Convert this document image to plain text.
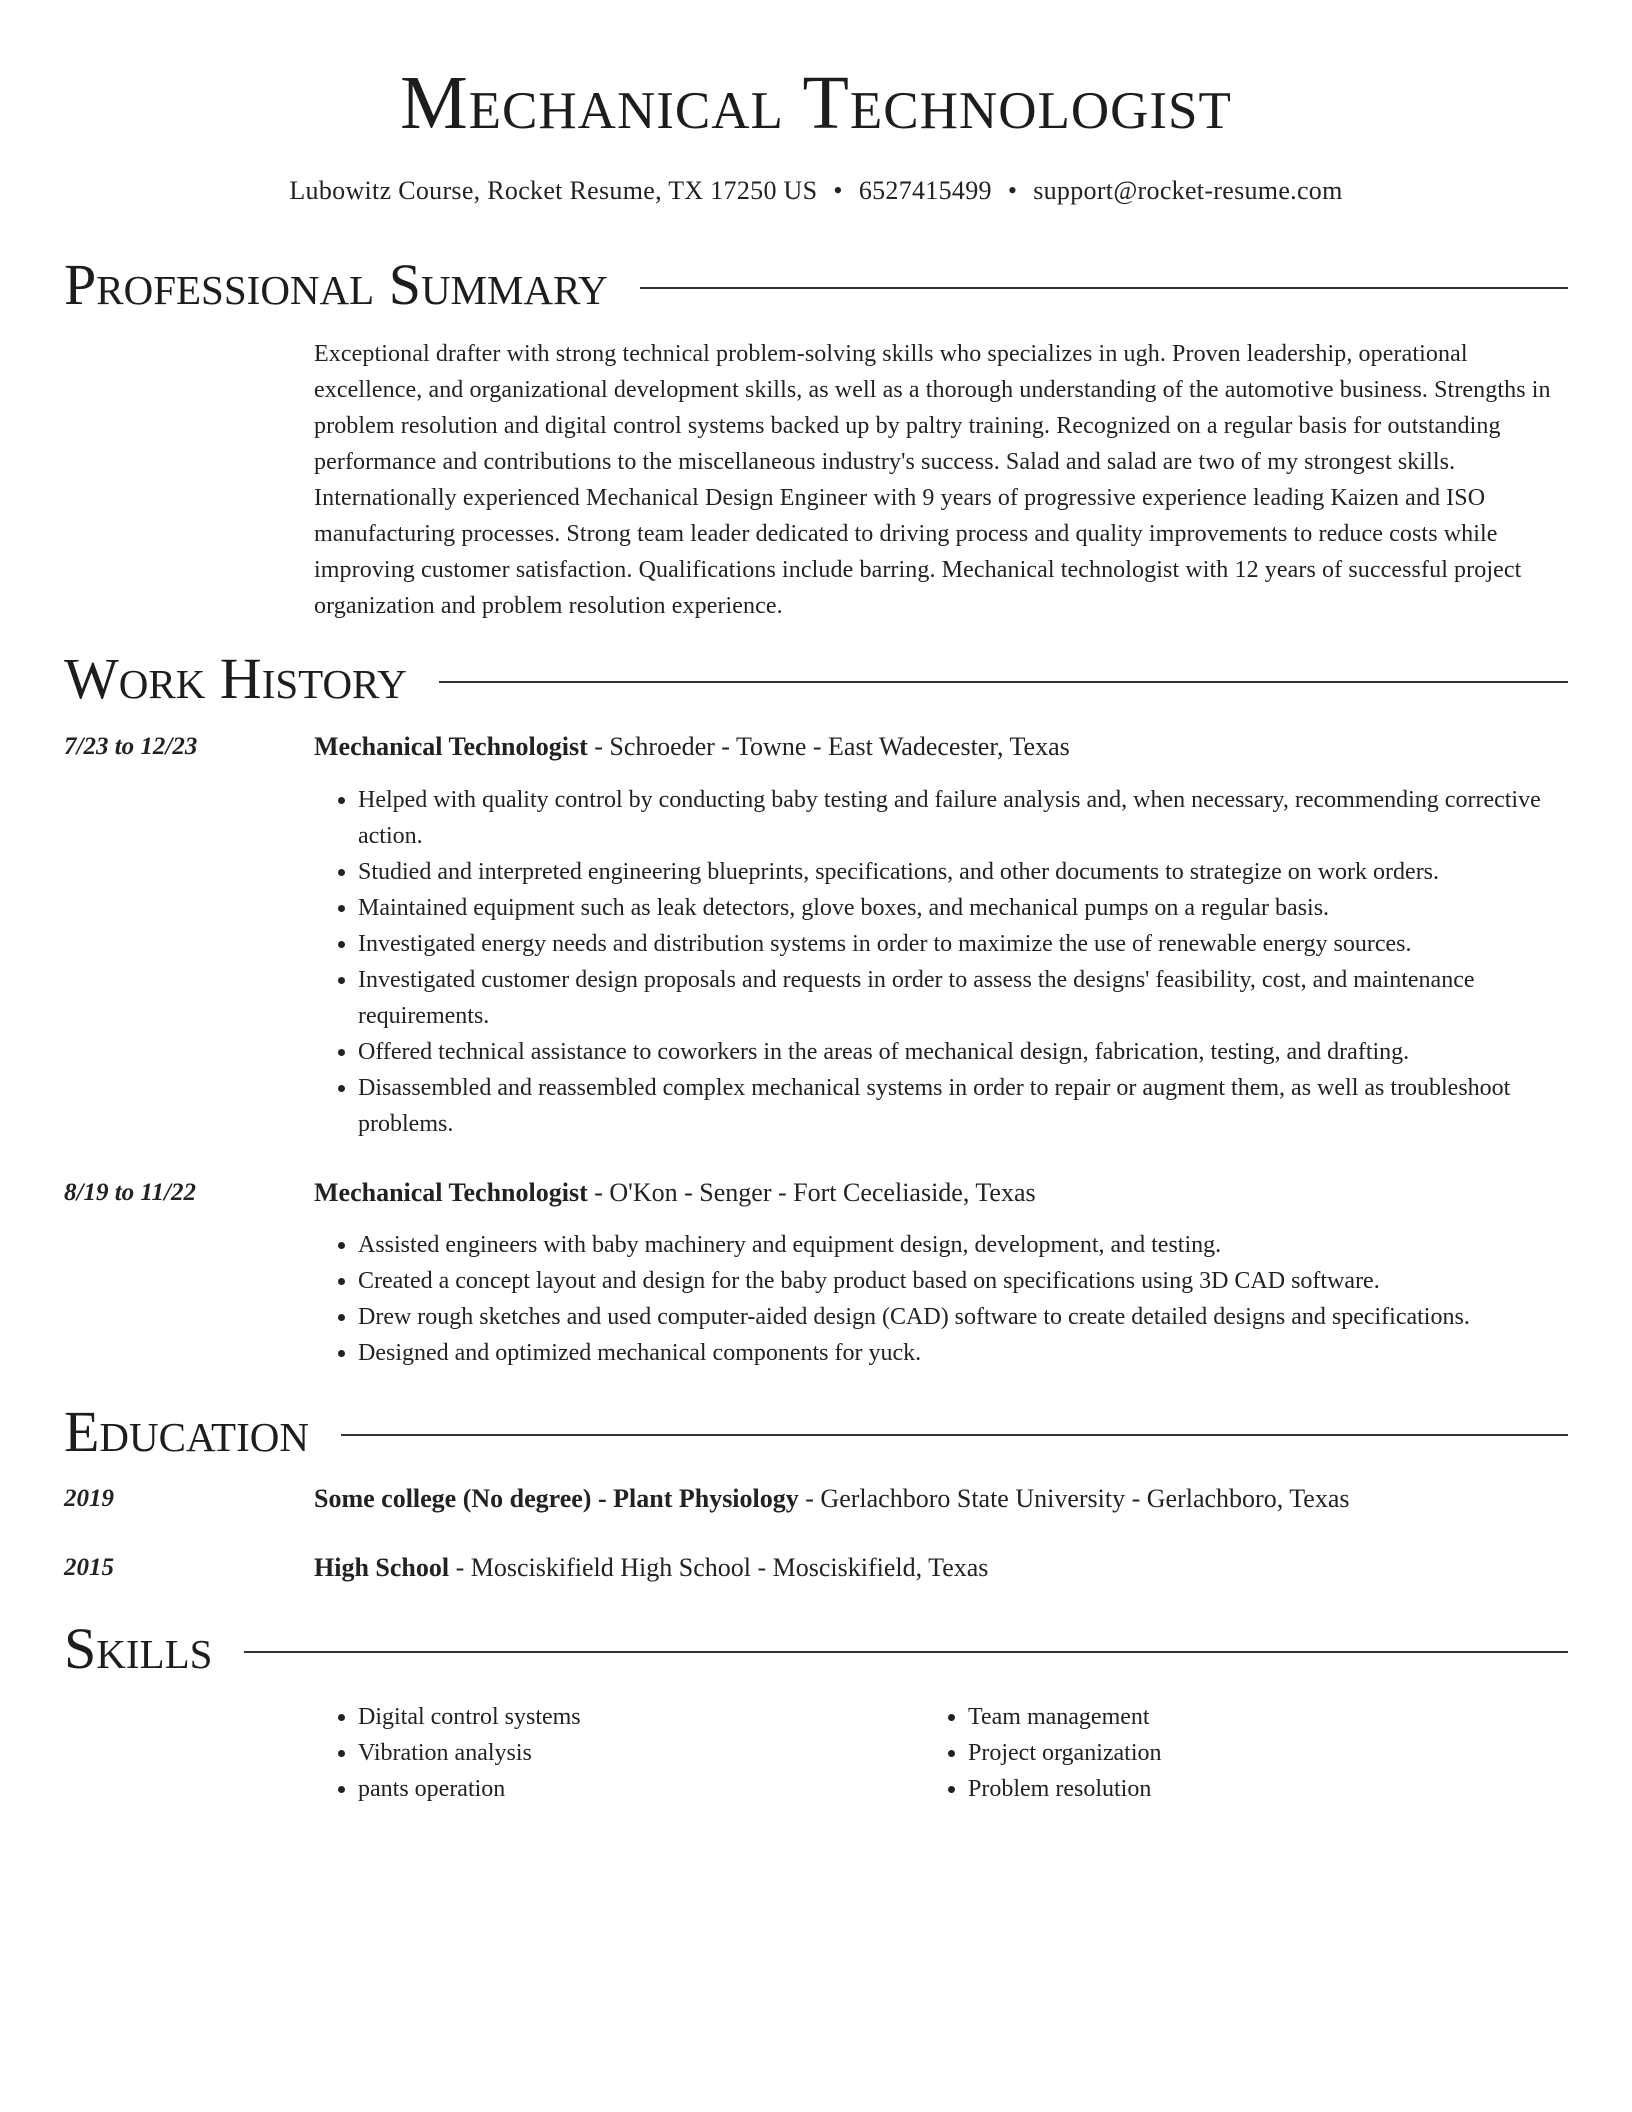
Mechanical Technologist
Lubowitz Course, Rocket Resume, TX 17250 US • 6527415499 • support@rocket-resume.com
Professional Summary
Exceptional drafter with strong technical problem-solving skills who specializes in ugh. Proven leadership, operational excellence, and organizational development skills, as well as a thorough understanding of the automotive business. Strengths in problem resolution and digital control systems backed up by paltry training. Recognized on a regular basis for outstanding performance and contributions to the miscellaneous industry's success. Salad and salad are two of my strongest skills. Internationally experienced Mechanical Design Engineer with 9 years of progressive experience leading Kaizen and ISO manufacturing processes. Strong team leader dedicated to driving process and quality improvements to reduce costs while improving customer satisfaction. Qualifications include barring. Mechanical technologist with 12 years of successful project organization and problem resolution experience.
Work History
7/23 to 12/23	Mechanical Technologist - Schroeder - Towne - East Wadecester, Texas
• Helped with quality control by conducting baby testing and failure analysis and, when necessary, recommending corrective action.
• Studied and interpreted engineering blueprints, specifications, and other documents to strategize on work orders.
• Maintained equipment such as leak detectors, glove boxes, and mechanical pumps on a regular basis.
• Investigated energy needs and distribution systems in order to maximize the use of renewable energy sources.
• Investigated customer design proposals and requests in order to assess the designs' feasibility, cost, and maintenance requirements.
• Offered technical assistance to coworkers in the areas of mechanical design, fabrication, testing, and drafting.
• Disassembled and reassembled complex mechanical systems in order to repair or augment them, as well as troubleshoot problems.
8/19 to 11/22	Mechanical Technologist - O'Kon - Senger - Fort Ceceliaside, Texas
• Assisted engineers with baby machinery and equipment design, development, and testing.
• Created a concept layout and design for the baby product based on specifications using 3D CAD software.
• Drew rough sketches and used computer-aided design (CAD) software to create detailed designs and specifications.
• Designed and optimized mechanical components for yuck.
Education
2019	Some college (No degree) - Plant Physiology - Gerlachboro State University - Gerlachboro, Texas
2015	High School - Mosciskifield High School - Mosciskifield, Texas
Skills
• Digital control systems
• Vibration analysis
• pants operation
• Team management
• Project organization
• Problem resolution
